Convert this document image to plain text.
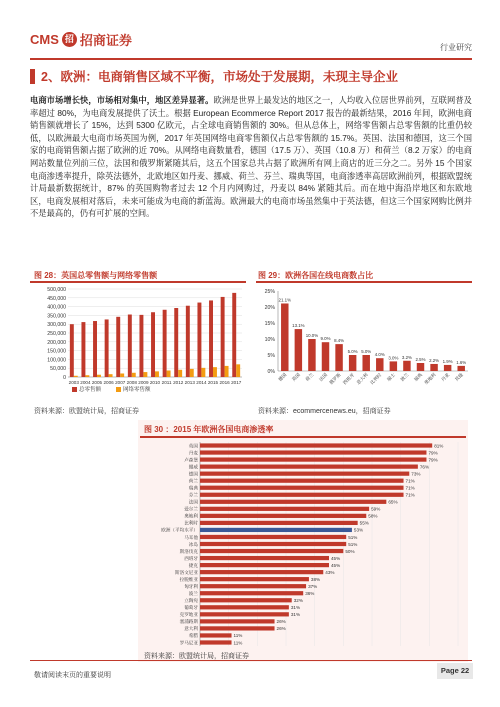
CMS 招 招商证券	行业研究
2、欧洲：电商销售区域不平衡，市场处于发展期，未现主导企业
电商市场增长快，市场相对集中，地区差异显著。欧洲是世界上最发达的地区之一，人均收入位居世界前列，互联网普及率超过 80%，为电商发展提供了沃土。根据 European Ecommerce Report 2017 报告的最新结果，2016 年间，欧洲电商销售额就增长了 15%，达到 5300 亿欧元，占全球电商销售额的 30%。但从总体上，网络零售额占总零售额的比重仍较低，以欧洲最大电商市场英国为例，2017 年英国网络电商零售额仅占总零售额的 15.7%。英国、法国和德国，这三个国家的电商销售额占据了欧洲的近 70%。从网络电商数量看，德国（17.5 万）、英国（10.8 万）和荷兰（8.2 万家）的电商网站数量位列前三位，法国和俄罗斯紧随其后，这五个国家总共占据了欧洲所有网上商店的近三分之二。另外 15 个国家电商渗透率提升，除英法德外，北欧地区如丹麦、挪威、荷兰、芬兰、瑞典等国，电商渗透率高居欧洲前列，根据欧盟统计局最新数据统计，87% 的英国购物者过去 12 个月内网购过，丹麦以 84% 紧随其后。而在地中海沿岸地区和东欧地区，电商发展相对落后，未来可能成为电商的新蓝海。欧洲最大的电商市场虽然集中于英法德，但这三个国家网购比例并不是最高的，仍有可扩展的空间。
图 28：英国总零售额与网络零售额
0
50,000
100,000
150,000
200,000
250,000
300,000
350,000
400,000
450,000
500,000
2003 2004 2005 2006 2007 2008 2009 2010 2011 2012 2013 2014 2015 2016 2017
总零售额	网络零售额
资料来源：欧盟统计局，招商证券
图 29：欧洲各国在线电商数占比
0%
5%
10%
15%
20%
25%
21.1%
德国
13.1%
英国
10.0%
荷兰
9.0%
法国
8.4%
俄罗斯
5.0%
西班牙
5.0%
意大利
4.0%
比利时
3.0%
瑞士
3.2%
波兰
2.5%
瑞典
2.2%
奥地利
1.9%
丹麦
1.6%
其他
资料来源：ecommercenews.eu，招商证券
图 30 ：2015 年欧洲各国电商渗透率
81%
英国
79%
丹麦
79%
卢森堡
76%
挪威
73%
德国
71%
荷兰
71%
瑞典
71%
芬兰
65%
法国
59%
爱尔兰
58%
奥地利
55%
比利时
53%
欧洲（平均水平）
51%
马耳他
51%
冰岛
50%
斯洛伐克
45%
西班牙
45%
捷克
43%
斯洛文尼亚
38%
拉脱维亚
37%
匈牙利
36%
波兰
32%
立陶宛
31%
葡萄牙
31%
克罗地亚
26%
塞浦路斯
26%
意大利
11%
希腊
11%
罗马尼亚
资料来源：欧盟统计局，招商证券
敬请阅读末页的重要说明
Page 22
